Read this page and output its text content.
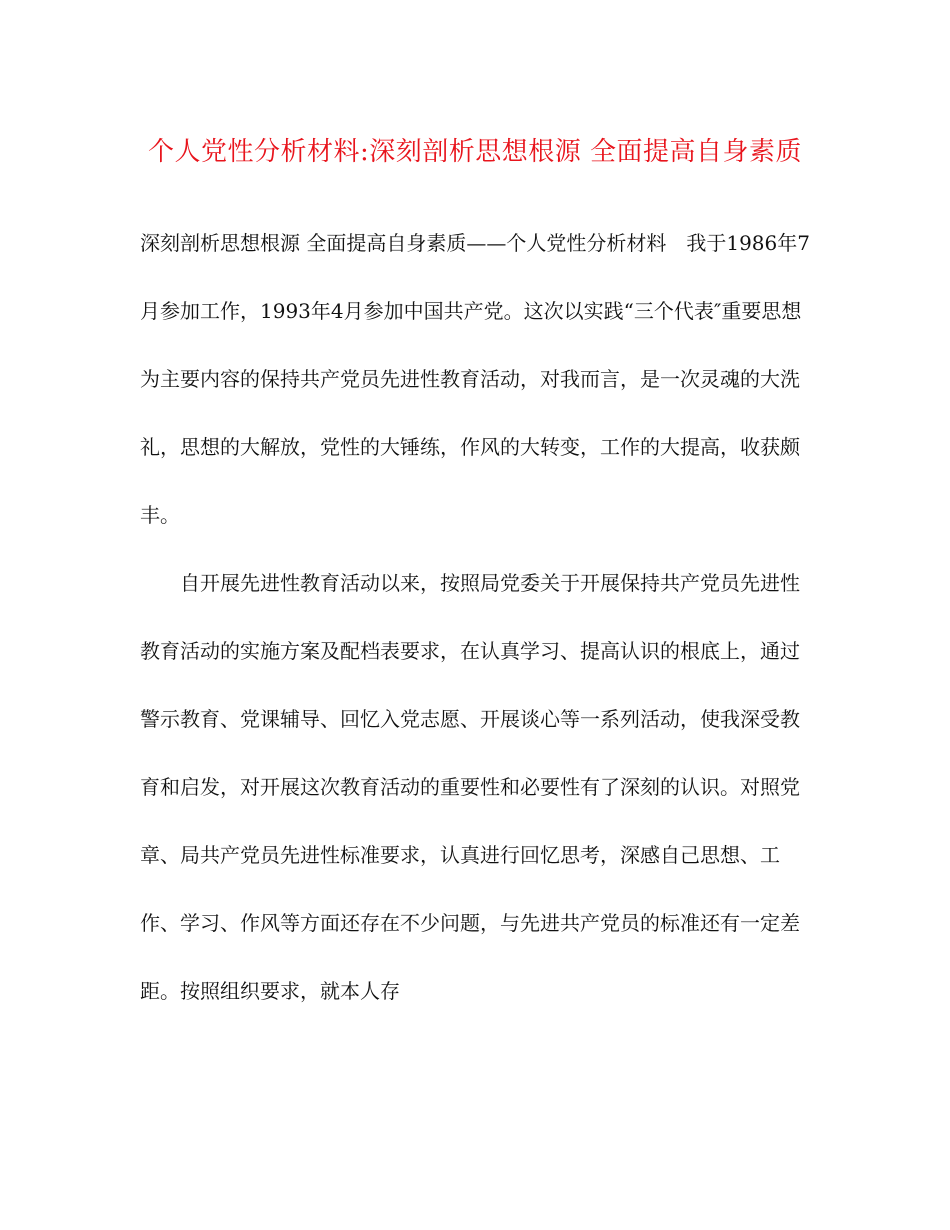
个人党性分析材料:深刻剖析思想根源 全面提高自身素质

深刻剖析思想根源 全面提高自身素质——个人党性分析材料　我于1986年7月参加工作，1993年4月参加中国共产党。这次以实践“三个代表″重要思想为主要内容的保持共产党员先进性教育活动，对我而言，是一次灵魂的大洗礼，思想的大解放，党性的大锤练，作风的大转变，工作的大提高，收获颇丰。

自开展先进性教育活动以来，按照局党委关于开展保持共产党员先进性教育活动的实施方案及配档表要求，在认真学习、提高认识的根底上，通过警示教育、党课辅导、回忆入党志愿、开展谈心等一系列活动，使我深受教育和启发，对开展这次教育活动的重要性和必要性有了深刻的认识。对照党章、局共产党员先进性标准要求，认真进行回忆思考，深感自己思想、工作、学习、作风等方面还存在不少问题，与先进共产党员的标准还有一定差距。按照组织要求，就本人存
